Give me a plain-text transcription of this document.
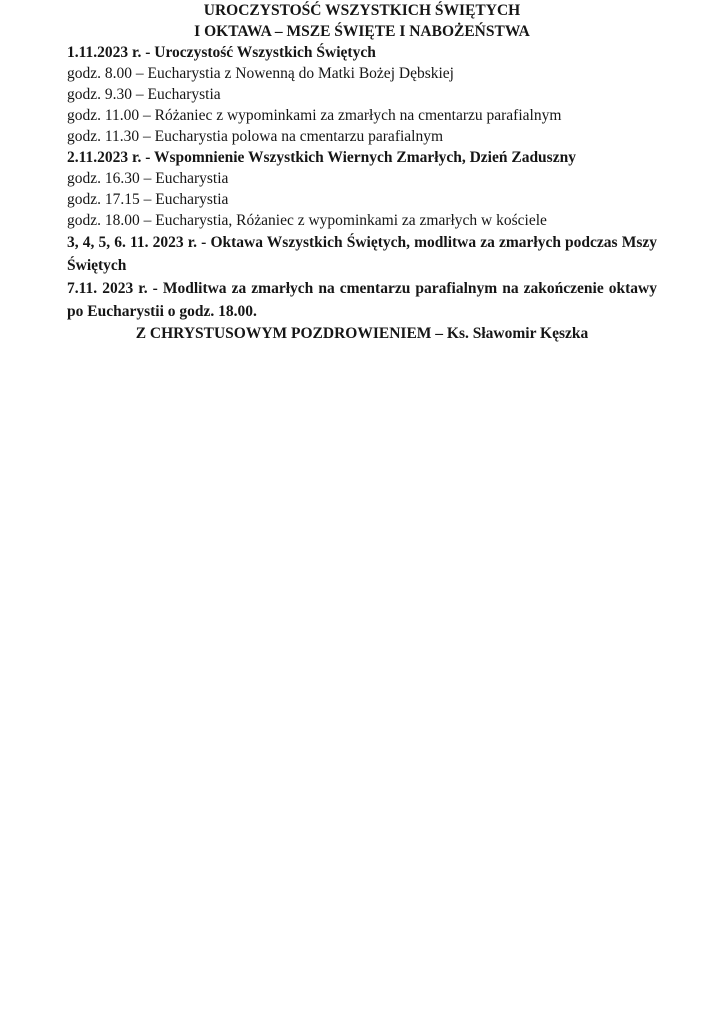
UROCZYSTOŚĆ WSZYSTKICH ŚWIĘTYCH

I OKTAWA – MSZE ŚWIĘTE I NABOŻEŃSTWA

1.11.2023 r. - Uroczystość Wszystkich Świętych

godz. 8.00 – Eucharystia z Nowenną do Matki Bożej Dębskiej

godz. 9.30 – Eucharystia

godz. 11.00 – Różaniec z wypominkami za zmarłych na cmentarzu parafialnym

godz. 11.30 – Eucharystia polowa na cmentarzu parafialnym

2.11.2023 r. - Wspomnienie Wszystkich Wiernych Zmarłych, Dzień Zaduszny

godz. 16.30 – Eucharystia

godz. 17.15 – Eucharystia

godz. 18.00 – Eucharystia, Różaniec z wypominkami za zmarłych w kościele

3, 4, 5, 6. 11. 2023 r. - Oktawa Wszystkich Świętych, modlitwa za zmarłych podczas Mszy Świętych

7.11. 2023 r. - Modlitwa za zmarłych na cmentarzu parafialnym na zakończenie oktawy po Eucharystii o godz. 18.00.

Z CHRYSTUSOWYM POZDROWIENIEM – Ks. Sławomir Kęszka
